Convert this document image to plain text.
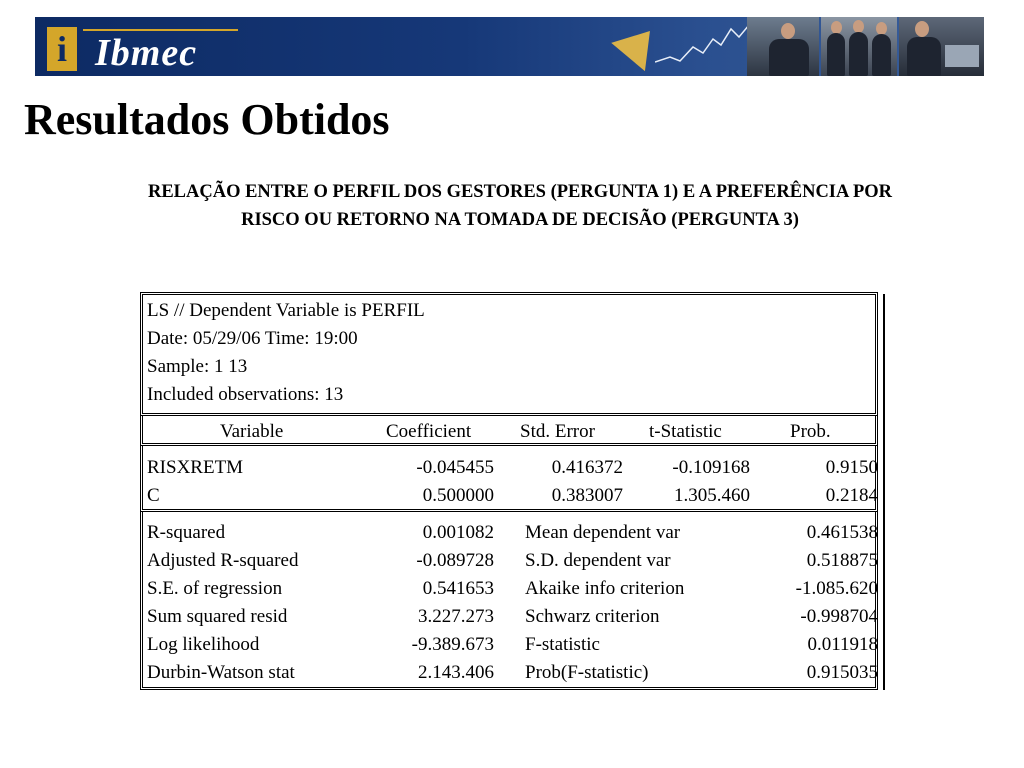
i Ibmec
Resultados Obtidos
RELAÇÃO ENTRE O PERFIL DOS GESTORES (PERGUNTA 1) E A PREFERÊNCIA POR
RISCO OU RETORNO NA TOMADA DE DECISÃO (PERGUNTA 3)
LS // Dependent Variable is PERFIL
Date: 05/29/06 Time: 19:00
Sample: 1 13
Included observations: 13
Variable	Coefficient	Std. Error	t-Statistic	Prob.
RISXRETM	-0.045455	0.416372	-0.109168	0.9150
C	0.500000	0.383007	1.305.460	0.2184
R-squared	0.001082 Mean dependent var	0.461538
Adjusted R-squared	-0.089728 S.D. dependent var	0.518875
S.E. of regression	0.541653 Akaike info criterion	-1.085.620
Sum squared resid	3.227.273 Schwarz criterion	-0.998704
Log likelihood	-9.389.673 F-statistic	0.011918
Durbin-Watson stat	2.143.406 Prob(F-statistic)	0.915035
